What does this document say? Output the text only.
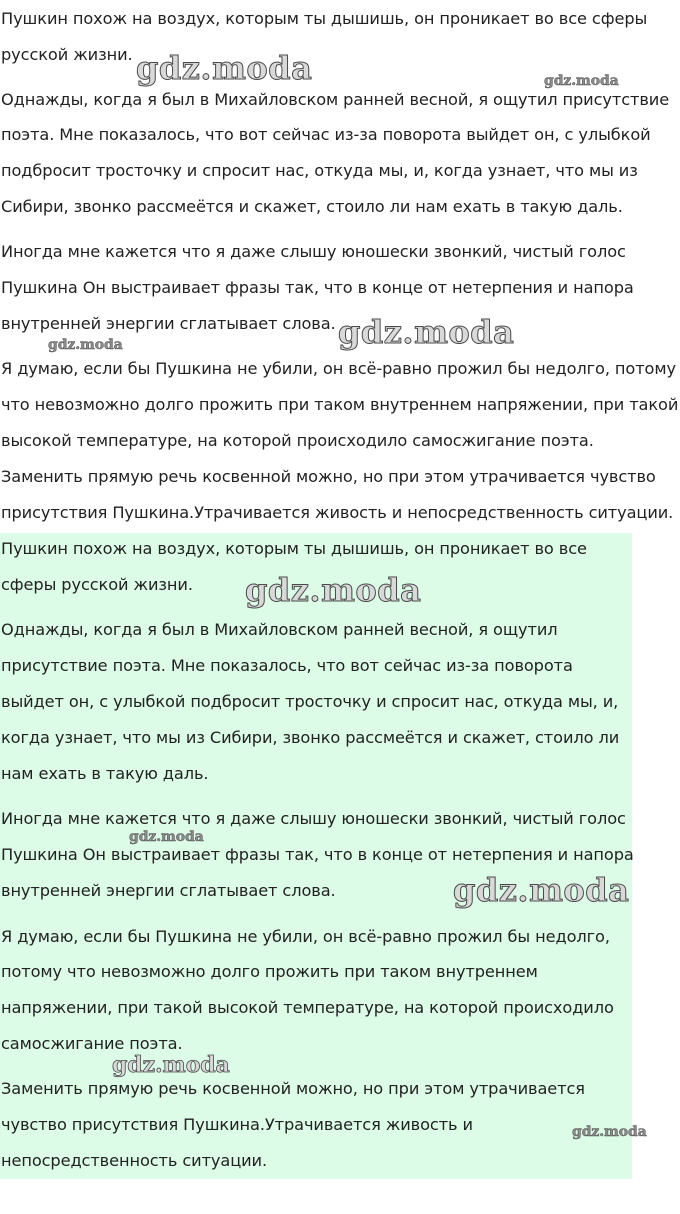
Пушкин похож на воздух, которым ты дышишь, он проникает во все сферы
русской жизни.
Однажды, когда я был в Михайловском ранней весной, я ощутил присутствие
поэта. Мне показалось, что вот сейчас из-за поворота выйдет он, с улыбкой
подбросит тросточку и спросит нас, откуда мы, и, когда узнает, что мы из
Сибири, звонко рассмеётся и скажет, стоило ли нам ехать в такую даль.
Иногда мне кажется что я даже слышу юношески звонкий, чистый голос
Пушкина Он выстраивает фразы так, что в конце от нетерпения и напора
внутренней энергии сглатывает слова.
Я думаю, если бы Пушкина не убили, он всё-равно прожил бы недолго, потому
что невозможно долго прожить при таком внутреннем напряжении, при такой
высокой температуре, на которой происходило самосжигание поэта.
Заменить прямую речь косвенной можно, но при этом утрачивается чувство
присутствия Пушкина.Утрачивается живость и непосредственность ситуации.
Пушкин похож на воздух, которым ты дышишь, он проникает во все
сферы русской жизни.
Однажды, когда я был в Михайловском ранней весной, я ощутил
присутствие поэта. Мне показалось, что вот сейчас из-за поворота
выйдет он, с улыбкой подбросит тросточку и спросит нас, откуда мы, и,
когда узнает, что мы из Сибири, звонко рассмеётся и скажет, стоило ли
нам ехать в такую даль.
Иногда мне кажется что я даже слышу юношески звонкий, чистый голос
Пушкина Он выстраивает фразы так, что в конце от нетерпения и напора
внутренней энергии сглатывает слова.
Я думаю, если бы Пушкина не убили, он всё-равно прожил бы недолго,
потому что невозможно долго прожить при таком внутреннем
напряжении, при такой высокой температуре, на которой происходило
самосжигание поэта.
Заменить прямую речь косвенной можно, но при этом утрачивается
чувство присутствия Пушкина.Утрачивается живость и
непосредственность ситуации.
gdz.moda	gdz.moda
gdz.moda
gdz.moda
gdz.moda
gdz.moda
gdz.moda
gdz.moda
gdz.moda
